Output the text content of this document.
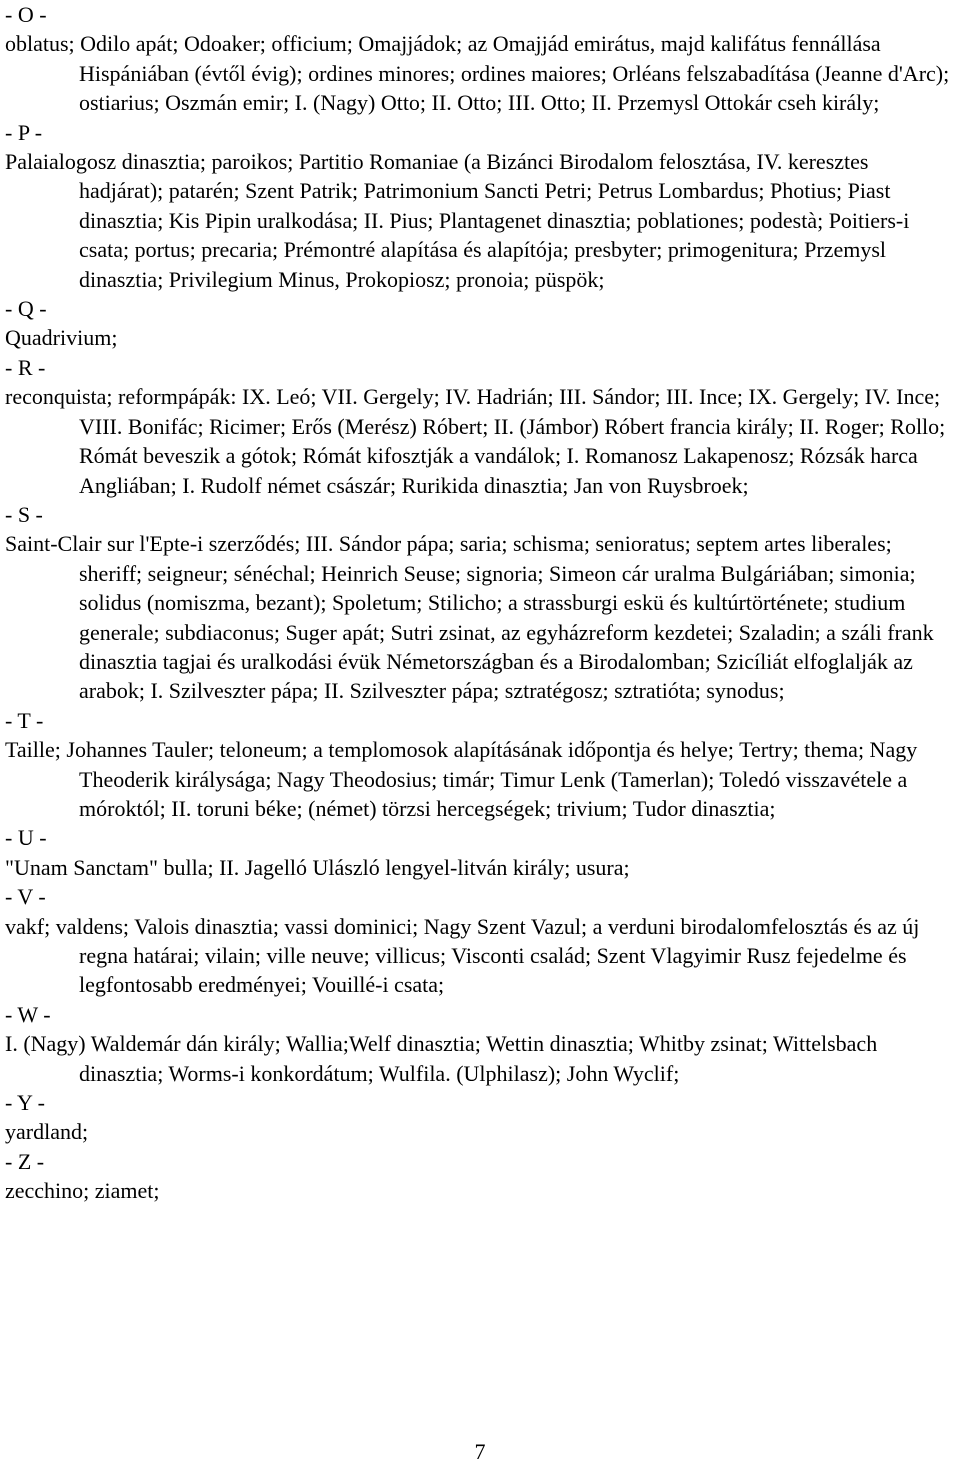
- O -

oblatus; Odilo apát; Odoaker; officium; Omajjádok; az Omajjád emirátus, majd kalifátus fennállása Hispániában (évtől évig); ordines minores; ordines maiores; Orléans felszabadítása (Jeanne d'Arc); ostiarius; Oszmán emir; I. (Nagy) Otto; II. Otto; III. Otto; II. Przemysl Ottokár cseh király;

- P -

Palaialogosz dinasztia; paroikos; Partitio Romaniae (a Bizánci Birodalom felosztása, IV. keresztes hadjárat); patarén; Szent Patrik; Patrimonium Sancti Petri; Petrus Lombardus; Photius; Piast dinasztia; Kis Pipin uralkodása; II. Pius; Plantagenet dinasztia; poblationes; podestà; Poitiers-i csata; portus; precaria; Prémontré alapítása és alapítója; presbyter; primogenitura; Przemysl dinasztia; Privilegium Minus, Prokopiosz; pronoia; püspök;

- Q -

Quadrivium;

- R -

reconquista; reformpápák: IX. Leó; VII. Gergely; IV. Hadrián; III. Sándor; III. Ince; IX. Gergely; IV. Ince; VIII. Bonifác; Ricimer; Erős (Merész) Róbert; II. (Jámbor) Róbert francia király; II. Roger; Rollo; Rómát beveszik a gótok; Rómát kifosztják a vandálok; I. Romanosz Lakapenosz; Rózsák harca Angliában; I. Rudolf német császár; Rurikida dinasztia; Jan von Ruysbroek;

- S -

Saint-Clair sur l'Epte-i szerződés; III. Sándor pápa; saria; schisma; senioratus; septem artes liberales; sheriff; seigneur; sénéchal; Heinrich Seuse; signoria; Simeon cár uralma Bulgáriában; simonia; solidus (nomiszma, bezant); Spoletum; Stilicho; a strassburgi eskü és kultúrtörténete; studium generale; subdiaconus; Suger apát; Sutri zsinat, az egyházreform kezdetei; Szaladin; a száli frank dinasztia tagjai és uralkodási évük Németországban és a Birodalomban; Szicíliát elfoglalják az arabok; I. Szilveszter pápa; II. Szilveszter pápa; sztratégosz; sztratióta; synodus;

- T -

Taille; Johannes Tauler; teloneum; a templomosok alapításának időpontja és helye; Tertry; thema; Nagy Theoderik királysága; Nagy Theodosius; timár; Timur Lenk (Tamerlan); Toledó visszavétele a móroktól; II. toruni béke; (német) törzsi hercegségek; trivium; Tudor dinasztia;

- U -

"Unam Sanctam" bulla; II. Jagelló Ulászló lengyel-litván király; usura;

- V -

vakf; valdens; Valois dinasztia; vassi dominici; Nagy Szent Vazul; a verduni birodalomfelosztás és az új regna határai; vilain; ville neuve; villicus; Visconti család; Szent Vlagyimir Rusz fejedelme és legfontosabb eredményei; Vouillé-i csata;

- W -

I. (Nagy) Waldemár dán király; Wallia;Welf dinasztia; Wettin dinasztia; Whitby zsinat; Wittelsbach dinasztia; Worms-i konkordátum; Wulfila. (Ulphilasz); John Wyclif;

- Y -

yardland;

- Z -

zecchino; ziamet;

7
